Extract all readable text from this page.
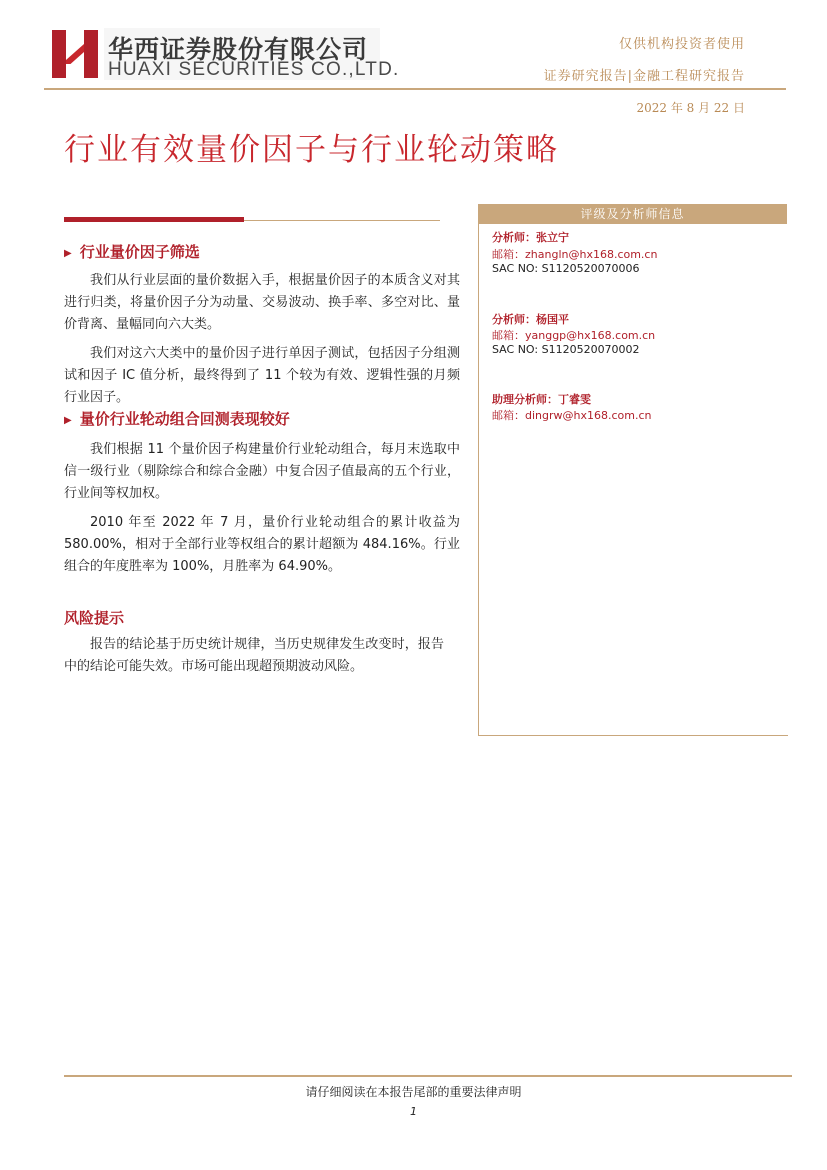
华西证券股份有限公司
HUAXI SECURITIES CO.,LTD.
仅供机构投资者使用
证券研究报告|金融工程研究报告
2022 年 8 月 22 日
行业有效量价因子与行业轮动策略
▶ 行业量价因子筛选

我们从行业层面的量价数据入手，根据量价因子的本质含义对其进行归类，将量价因子分为动量、交易波动、换手率、多空对比、量价背离、量幅同向六大类。

我们对这六大类中的量价因子进行单因子测试，包括因子分组测试和因子 IC 值分析，最终得到了 11 个较为有效、逻辑性强的月频行业因子。

▶ 量价行业轮动组合回测表现较好

我们根据 11 个量价因子构建量价行业轮动组合，每月末选取中信一级行业（剔除综合和综合金融）中复合因子值最高的五个行业，行业间等权加权。

2010 年至 2022 年 7 月，量价行业轮动组合的累计收益为 580.00%，相对于全部行业等权组合的累计超额为 484.16%。行业组合的年度胜率为 100%，月胜率为 64.90%。

风险提示

报告的结论基于历史统计规律，当历史规律发生改变时，报告中的结论可能失效。市场可能出现超预期波动风险。

评级及分析师信息
分析师：张立宁
邮箱：zhangln@hx168.com.cn
SAC NO: S1120520070006
分析师：杨国平
邮箱：yanggp@hx168.com.cn
SAC NO: S1120520070002
助理分析师：丁睿雯
邮箱：dingrw@hx168.com.cn
请仔细阅读在本报告尾部的重要法律声明
1
